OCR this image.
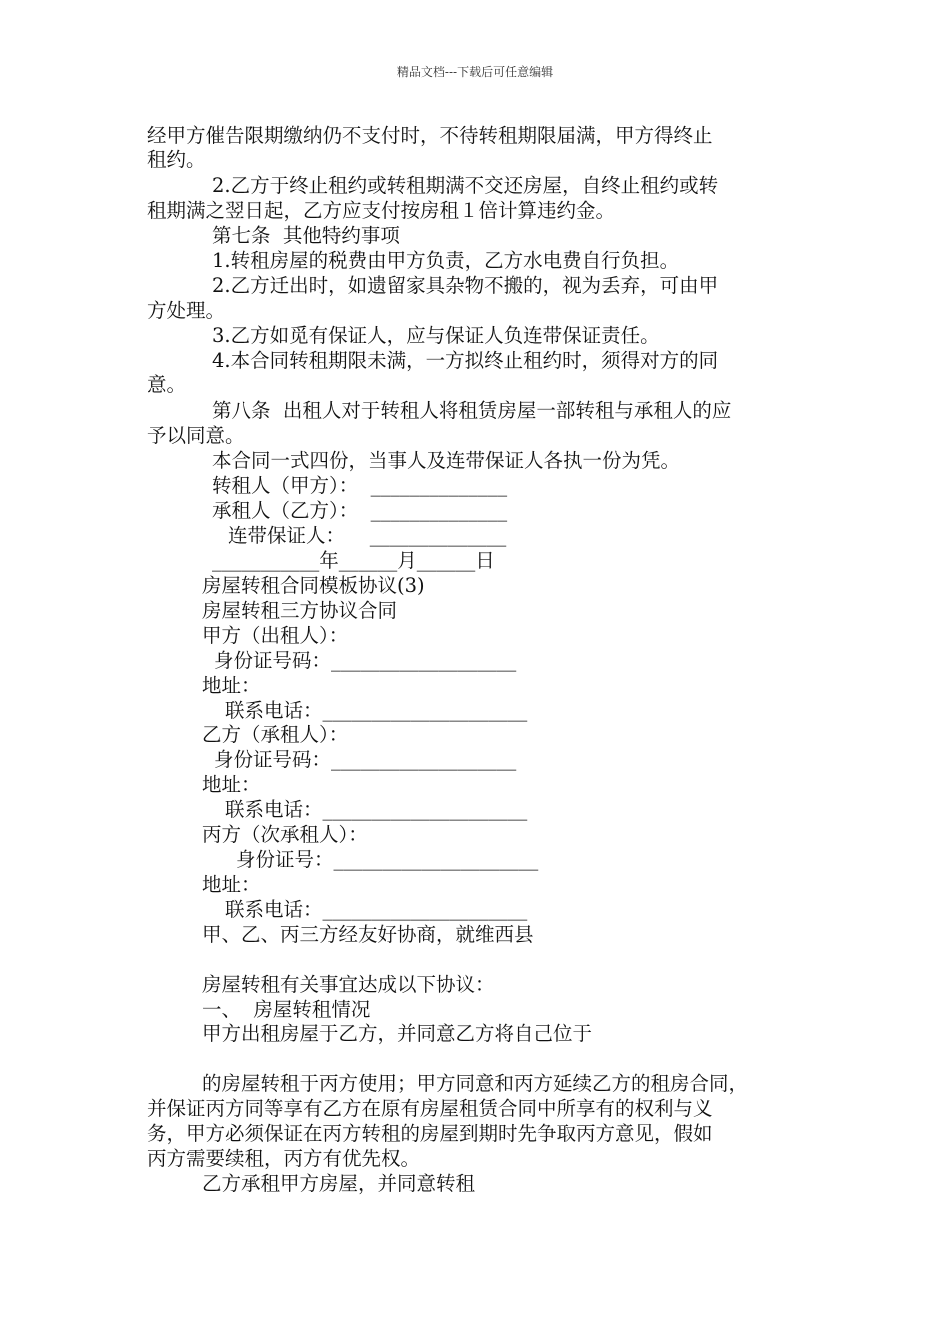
精品文档---下载后可任意编辑
经甲方催告限期缴纳仍不支付时，不待转租期限届满，甲方得终止
租约。
2.乙方于终止租约或转租期满不交还房屋，自终止租约或转
租期满之翌日起，乙方应支付按房租１倍计算违约金。
第七条  其他特约事项
1.转租房屋的税费由甲方负责，乙方水电费自行负担。
2.乙方迁出时，如遗留家具杂物不搬的，视为丢弃，可由甲
方处理。
3.乙方如觅有保证人，应与保证人负连带保证责任。
4.本合同转租期限未满，一方拟终止租约时，须得对方的同
意。
第八条  出租人对于转租人将租赁房屋一部转租与承租人的应
予以同意。
本合同一式四份，当事人及连带保证人各执一份为凭。
转租人（甲方）：  ______________
承租人（乙方）：  ______________
连带保证人：    ______________
___________年______月______日
房屋转租合同模板协议(3)
房屋转租三方协议合同
甲方（出租人）：
身份证号码：___________________
地址：
联系电话：_____________________
乙方（承租人）：
身份证号码：___________________
地址：
联系电话：_____________________
丙方（次承租人）：
身份证号：_____________________
地址：
联系电话：_____________________
甲、乙、丙三方经友好协商，就维西县
房屋转租有关事宜达成以下协议：
一、  房屋转租情况
甲方出租房屋于乙方，并同意乙方将自己位于
的房屋转租于丙方使用；甲方同意和丙方延续乙方的租房合同，
并保证丙方同等享有乙方在原有房屋租赁合同中所享有的权利与义
务，甲方必须保证在丙方转租的房屋到期时先争取丙方意见，假如
丙方需要续租，丙方有优先权。
乙方承租甲方房屋，并同意转租
